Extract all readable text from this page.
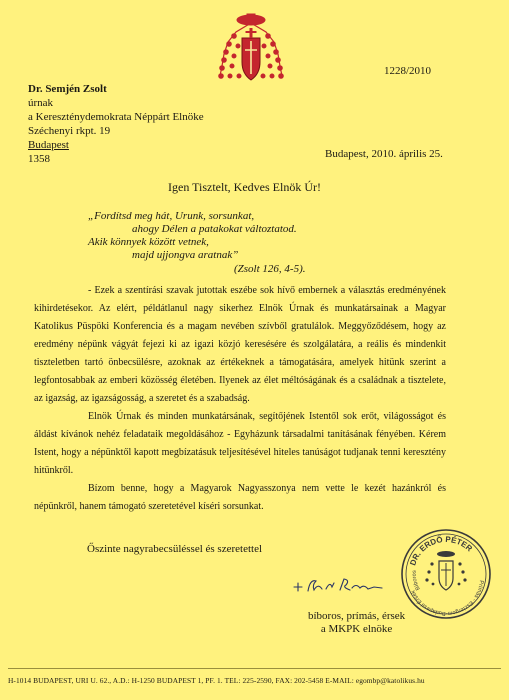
1228/2010
Dr. Semjén Zsolt
úrnak
a Kereszténydemokrata Néppárt Elnöke
Széchenyi rkpt. 19
Budapest
1358	Budapest, 2010. április 25.
Igen Tisztelt, Kedves Elnök Úr!
„Fordítsd meg hát, Urunk, sorsunkat,
ahogy Délen a patakokat változtatod.
Akik könnyek között vetnek,
majd ujjongva aratnak”
(Zsolt 126, 4-5).

- Ezek a szentírási szavak jutottak eszébe sok hívő embernek a választás eredményének kihirdetésekor. Az elért, példátlanul nagy sikerhez Elnök Úrnak és munkatársainak a Magyar Katolikus Püspöki Konferencia és a magam nevében szívből gratulálok. Meggyőződésem, hogy az eredmény népünk vágyát fejezi ki az igazi közjó keresésére és szolgálatára, a reális és mindenkit tiszteletben tartó önbecsülésre, azoknak az értékeknek a támogatására, amelyek hitünk szerint a legfontosabbak az emberi közösség életében. Ilyenek az élet méltóságának és a családnak a tisztelete, az igazság, az igazságosság, a szeretet és a szabadság.

Elnök Úrnak és minden munkatársának, segítőjének Istentől sok erőt, világosságot és áldást kívánok nehéz feladataik megoldásához - Egyházunk társadalmi tanításának fényében. Kérem Istent, hogy a népünktől kapott megbízatásuk teljesítésével hiteles tanúságot tudjanak tenni keresztény hitünkről.

Bízom benne, hogy a Magyarok Nagyasszonya nem vette le kezét hazánkról és népünkről, hanem támogató szeretetével kíséri sorsunkat.

Őszinte nagyrabecsüléssel és szeretettel
bíboros, prímás, érsek
a MKPK elnöke
DR. ERDŐ PÉTER
Prímás - Esztergom-Budapesti Érsek
Bíboros
H-1014 BUDAPEST, URI U. 62., A.D.: H-1250 BUDAPEST 1, PF. 1. TEL: 225-2590, FAX: 202-5458 E-MAIL: egombp@katolikus.hu
